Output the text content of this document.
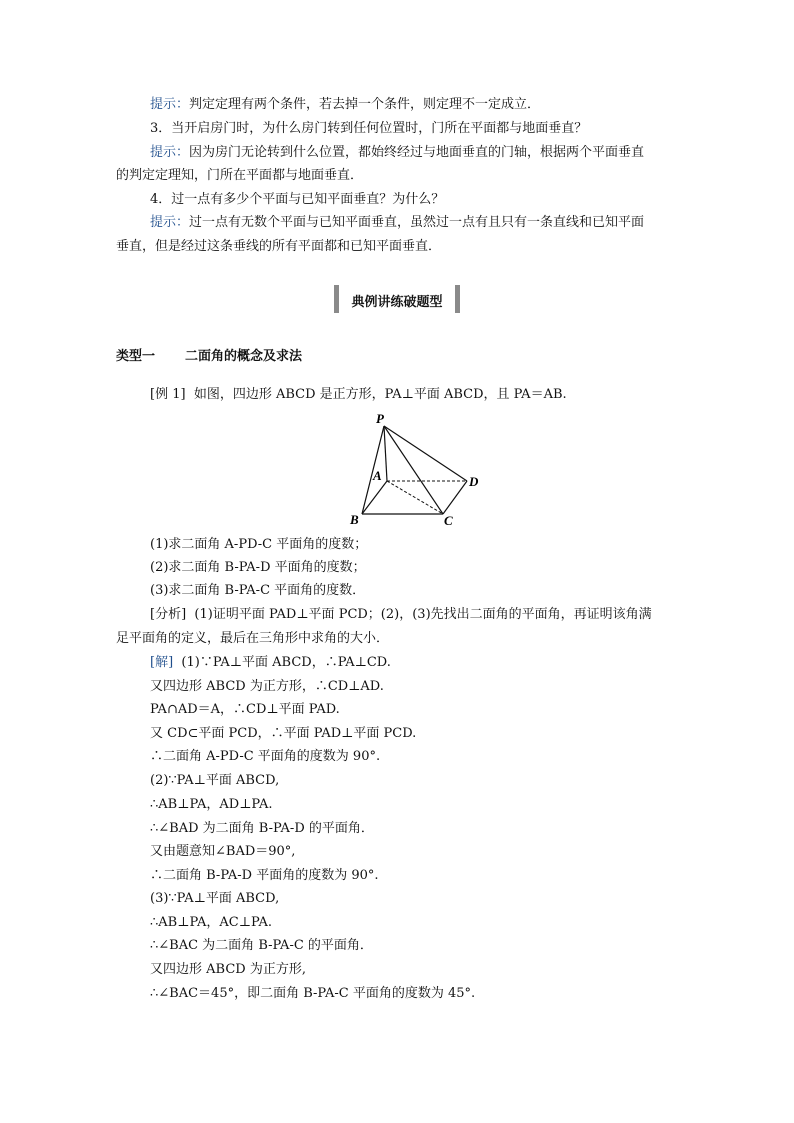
提示：判定定理有两个条件，若去掉一个条件，则定理不一定成立．
3．当开启房门时，为什么房门转到任何位置时，门所在平面都与地面垂直？
提示：因为房门无论转到什么位置，都始终经过与地面垂直的门轴，根据两个平面垂直
的判定定理知，门所在平面都与地面垂直．
4．过一点有多少个平面与已知平面垂直？为什么？
提示：过一点有无数个平面与已知平面垂直，虽然过一点有且只有一条直线和已知平面
垂直，但是经过这条垂线的所有平面都和已知平面垂直．
典例讲练破题型
类型一 二面角的概念及求法
[例 1] 如图，四边形 ABCD 是正方形，PA⊥平面 ABCD，且 PA＝AB.
P
A
B	C
D
(1)求二面角 A-PD-C 平面角的度数；
(2)求二面角 B-PA-D 平面角的度数；
(3)求二面角 B-PA-C 平面角的度数．
[分析] (1)证明平面 PAD⊥平面 PCD；(2)，(3)先找出二面角的平面角，再证明该角满
足平面角的定义，最后在三角形中求角的大小．
[解] (1)∵PA⊥平面 ABCD，∴PA⊥CD.
又四边形 ABCD 为正方形，∴CD⊥AD.
PA∩AD＝A，∴CD⊥平面 PAD.
又 CD⊂平面 PCD，∴平面 PAD⊥平面 PCD.
∴二面角 A-PD-C 平面角的度数为 90°.
(2)∵PA⊥平面 ABCD,
∴AB⊥PA，AD⊥PA.
∴∠BAD 为二面角 B-PA-D 的平面角．
又由题意知∠BAD＝90°,
∴二面角 B-PA-D 平面角的度数为 90°.
(3)∵PA⊥平面 ABCD,
∴AB⊥PA，AC⊥PA.
∴∠BAC 为二面角 B-PA-C 的平面角．
又四边形 ABCD 为正方形,
∴∠BAC＝45°，即二面角 B-PA-C 平面角的度数为 45°.
